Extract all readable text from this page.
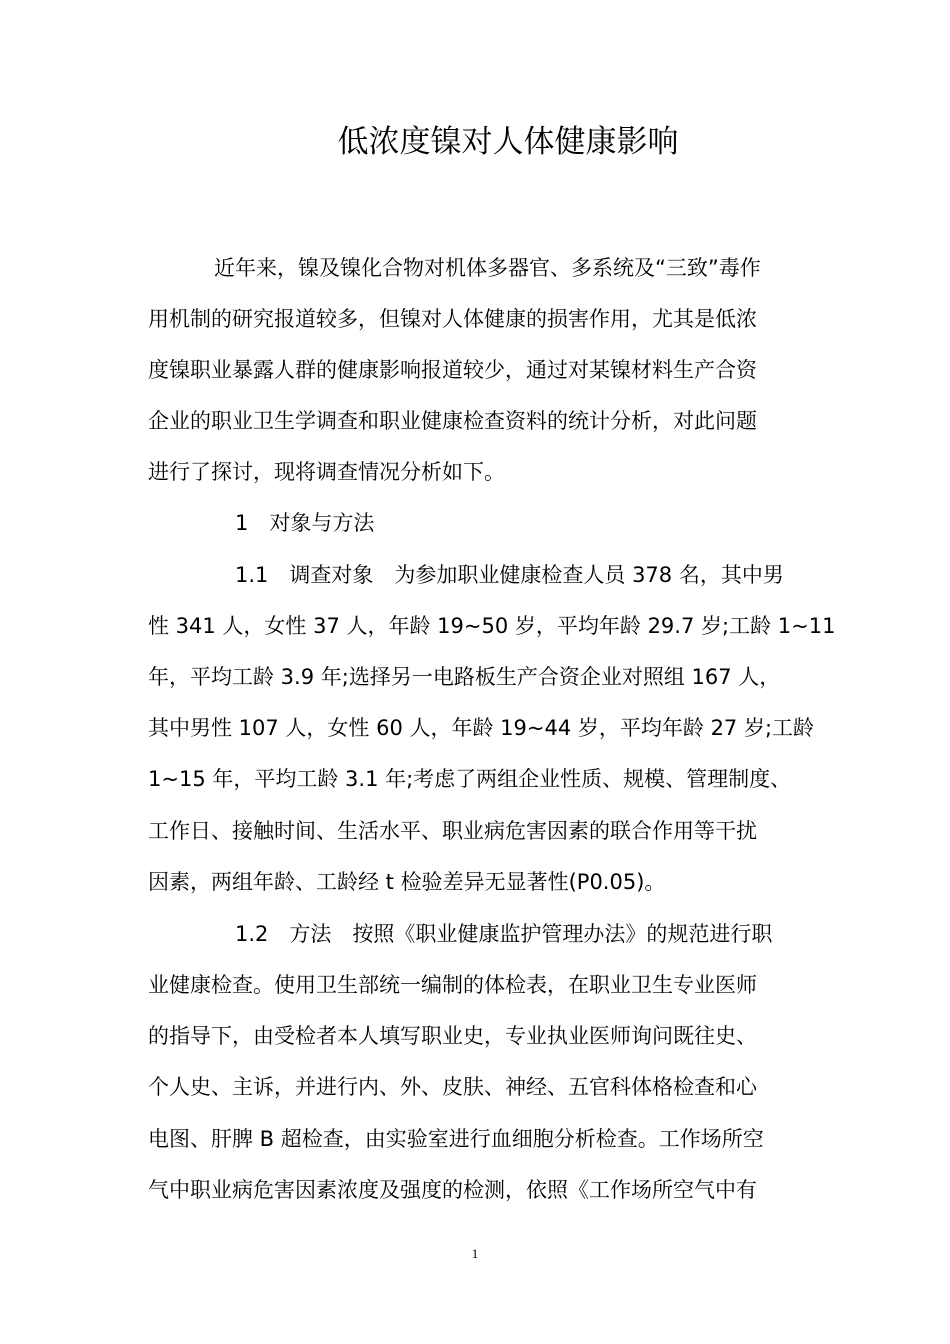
低浓度镍对人体健康影响
近年来，镍及镍化合物对机体多器官、多系统及“三致”毒作
用机制的研究报道较多，但镍对人体健康的损害作用，尤其是低浓
度镍职业暴露人群的健康影响报道较少，通过对某镍材料生产合资
企业的职业卫生学调查和职业健康检查资料的统计分析，对此问题
进行了探讨，现将调查情况分析如下。
1　对象与方法
1.1　调查对象　为参加职业健康检查人员 378 名，其中男
性 341 人，女性 37 人，年龄 19~50 岁，平均年龄 29.7 岁;工龄 1~11
年，平均工龄 3.9 年;选择另一电路板生产合资企业对照组 167 人，
其中男性 107 人，女性 60 人，年龄 19~44 岁，平均年龄 27 岁;工龄
1~15 年，平均工龄 3.1 年;考虑了两组企业性质、规模、管理制度、
工作日、接触时间、生活水平、职业病危害因素的联合作用等干扰
因素，两组年龄、工龄经 t 检验差异无显著性(P0.05)。
1.2　方法　按照《职业健康监护管理办法》的规范进行职
业健康检查。使用卫生部统一编制的体检表，在职业卫生专业医师
的指导下，由受检者本人填写职业史，专业执业医师询问既往史、
个人史、主诉，并进行内、外、皮肤、神经、五官科体格检查和心
电图、肝脾 B 超检查，由实验室进行血细胞分析检查。工作场所空
气中职业病危害因素浓度及强度的检测，依照《工作场所空气中有
1
